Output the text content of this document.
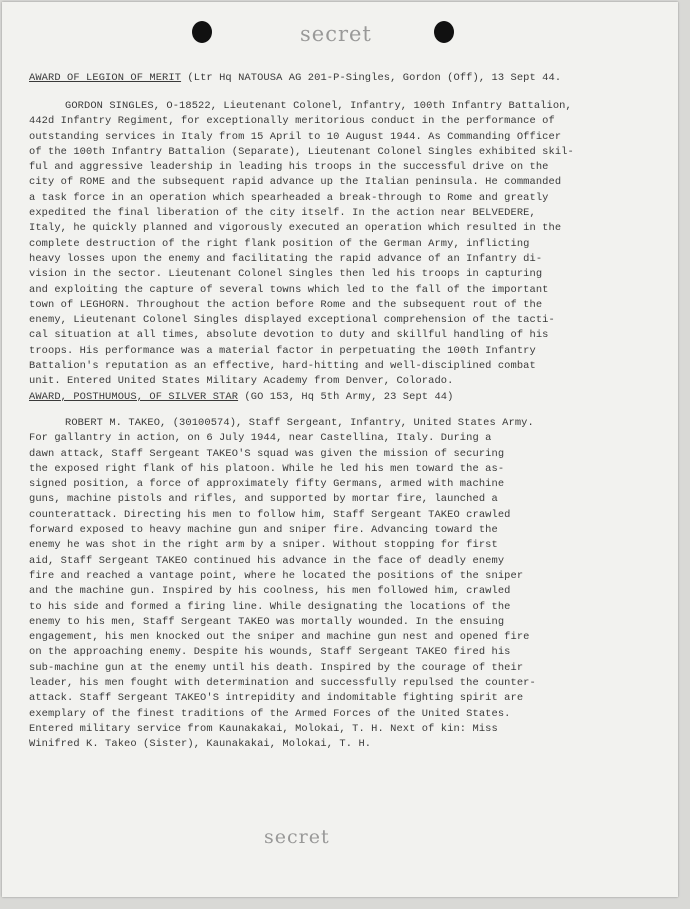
secret
AWARD OF LEGION OF MERIT (Ltr Hq NATOUSA AG 201-P-Singles, Gordon (Off), 13 Sept 44.
GORDON SINGLES, O-18522, Lieutenant Colonel, Infantry, 100th Infantry Battalion,
442d Infantry Regiment, for exceptionally meritorious conduct in the performance of
outstanding services in Italy from 15 April to 10 August 1944. As Commanding Officer
of the 100th Infantry Battalion (Separate), Lieutenant Colonel Singles exhibited skil-
ful and aggressive leadership in leading his troops in the successful drive on the
city of ROME and the subsequent rapid advance up the Italian peninsula. He commanded
a task force in an operation which spearheaded a break-through to Rome and greatly
expedited the final liberation of the city itself. In the action near BELVEDERE,
Italy, he quickly planned and vigorously executed an operation which resulted in the
complete destruction of the right flank position of the German Army, inflicting
heavy losses upon the enemy and facilitating the rapid advance of an Infantry di-
vision in the sector. Lieutenant Colonel Singles then led his troops in capturing
and exploiting the capture of several towns which led to the fall of the important
town of LEGHORN. Throughout the action before Rome and the subsequent rout of the
enemy, Lieutenant Colonel Singles displayed exceptional comprehension of the tacti-
cal situation at all times, absolute devotion to duty and skillful handling of his
troops. His performance was a material factor in perpetuating the 100th Infantry
Battalion's reputation as an effective, hard-hitting and well-disciplined combat
unit. Entered United States Military Academy from Denver, Colorado.
AWARD, POSTHUMOUS, OF SILVER STAR (GO 153, Hq 5th Army, 23 Sept 44)
ROBERT M. TAKEO, (30100574), Staff Sergeant, Infantry, United States Army.
For gallantry in action, on 6 July 1944, near Castellina, Italy. During a
dawn attack, Staff Sergeant TAKEO'S squad was given the mission of securing
the exposed right flank of his platoon. While he led his men toward the as-
signed position, a force of approximately fifty Germans, armed with machine
guns, machine pistols and rifles, and supported by mortar fire, launched a
counterattack. Directing his men to follow him, Staff Sergeant TAKEO crawled
forward exposed to heavy machine gun and sniper fire. Advancing toward the
enemy he was shot in the right arm by a sniper. Without stopping for first
aid, Staff Sergeant TAKEO continued his advance in the face of deadly enemy
fire and reached a vantage point, where he located the positions of the sniper
and the machine gun. Inspired by his coolness, his men followed him, crawled
to his side and formed a firing line. While designating the locations of the
enemy to his men, Staff Sergeant TAKEO was mortally wounded. In the ensuing
engagement, his men knocked out the sniper and machine gun nest and opened fire
on the approaching enemy. Despite his wounds, Staff Sergeant TAKEO fired his
sub-machine gun at the enemy until his death. Inspired by the courage of their
leader, his men fought with determination and successfully repulsed the counter-
attack. Staff Sergeant TAKEO'S intrepidity and indomitable fighting spirit are
exemplary of the finest traditions of the Armed Forces of the United States.
Entered military service from Kaunakakai, Molokai, T. H. Next of kin: Miss
Winifred K. Takeo (Sister), Kaunakakai, Molokai, T. H.
secret
